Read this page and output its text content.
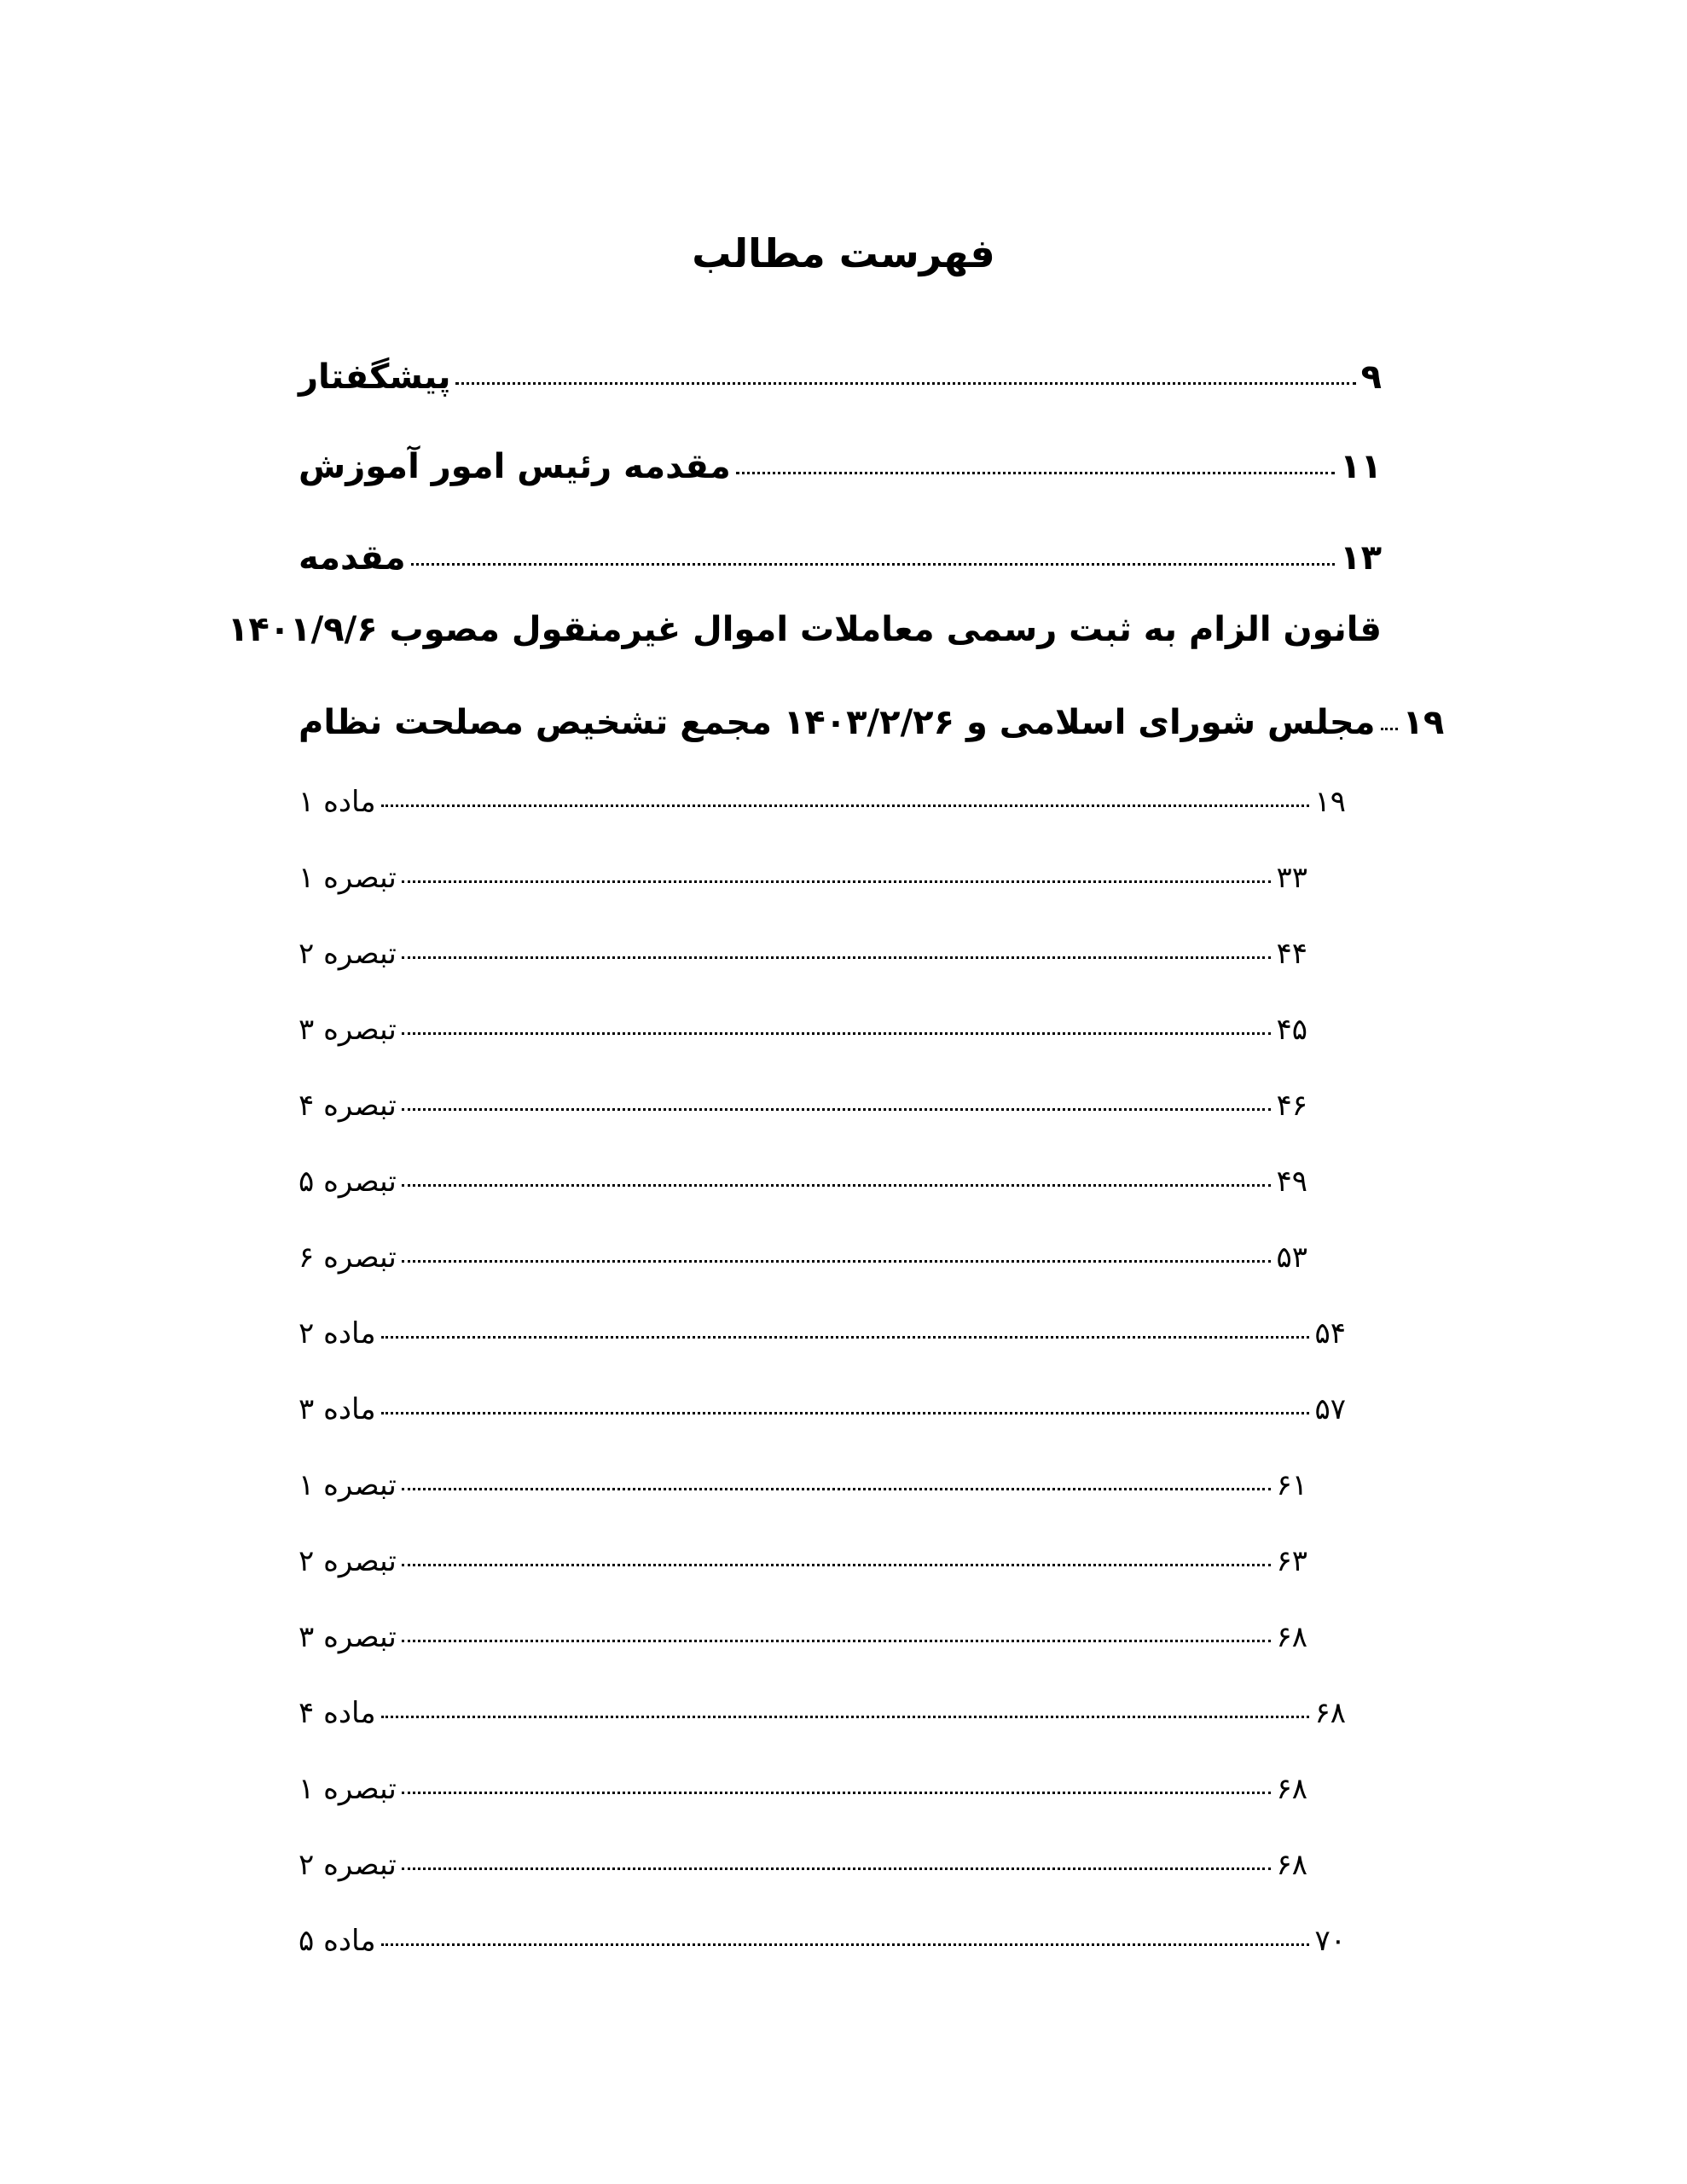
فهرست مطالب
پیشگفتار	۹
مقدمه رئیس امور آموزش	۱۱
مقدمه	۱۳
قانون الزام به ثبت رسمی معاملات اموال غیرمنقول مصوب ۱۴۰۱/۹/۶
مجلس شورای اسلامی و ۱۴۰۳/۲/۲۶ مجمع تشخیص مصلحت نظام ۱۹
ماده ۱	۱۹
تبصره ۱	۳۳
تبصره ۲	۴۴
تبصره ۳	۴۵
تبصره ۴	۴۶
تبصره ۵	۴۹
تبصره ۶	۵۳
ماده ۲	۵۴
ماده ۳	۵۷
تبصره ۱	۶۱
تبصره ۲	۶۳
تبصره ۳	۶۸
ماده ۴	۶۸
تبصره ۱	۶۸
تبصره ۲	۶۸
ماده ۵	۷۰
